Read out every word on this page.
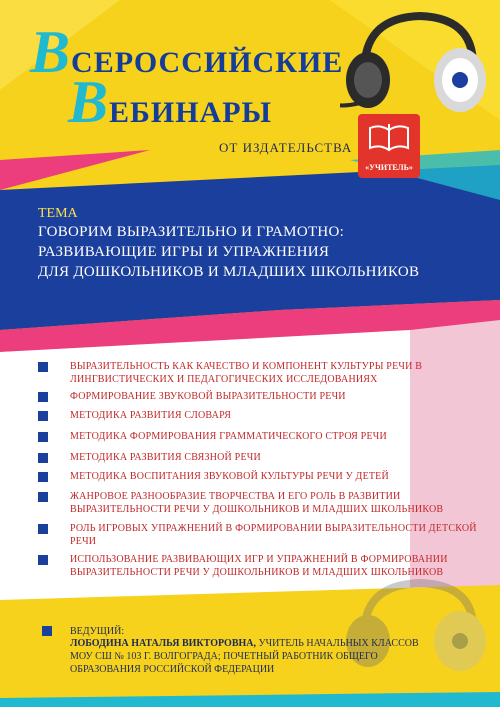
ВСЕРОССИЙСКИЕ
ВЕБИНАРЫ
ОТ ИЗДАТЕЛЬСТВА
«УЧИТЕЛЬ»
ТЕМА
ГОВОРИМ ВЫРАЗИТЕЛЬНО И ГРАМОТНО:
РАЗВИВАЮЩИЕ ИГРЫ И УПРАЖНЕНИЯ
ДЛЯ ДОШКОЛЬНИКОВ И МЛАДШИХ ШКОЛЬНИКОВ
ВЫРАЗИТЕЛЬНОСТЬ КАК КАЧЕСТВО И КОМПОНЕНТ КУЛЬТУРЫ РЕЧИ В ЛИНГВИСТИЧЕСКИХ И ПЕДАГОГИЧЕСКИХ ИССЛЕДОВАНИЯХ
ФОРМИРОВАНИЕ ЗВУКОВОЙ ВЫРАЗИТЕЛЬНОСТИ РЕЧИ
МЕТОДИКА РАЗВИТИЯ СЛОВАРЯ
МЕТОДИКА ФОРМИРОВАНИЯ ГРАММАТИЧЕСКОГО СТРОЯ РЕЧИ
МЕТОДИКА РАЗВИТИЯ СВЯЗНОЙ РЕЧИ
МЕТОДИКА ВОСПИТАНИЯ ЗВУКОВОЙ КУЛЬТУРЫ РЕЧИ У ДЕТЕЙ
ЖАНРОВОЕ РАЗНООБРАЗИЕ ТВОРЧЕСТВА И ЕГО РОЛЬ В РАЗВИТИИ ВЫРАЗИТЕЛЬНОСТИ РЕЧИ У ДОШКОЛЬНИКОВ И МЛАДШИХ ШКОЛЬНИКОВ
РОЛЬ ИГРОВЫХ УПРАЖНЕНИЙ В ФОРМИРОВАНИИ ВЫРАЗИТЕЛЬНОСТИ ДЕТСКОЙ РЕЧИ
ИСПОЛЬЗОВАНИЕ РАЗВИВАЮЩИХ ИГР И УПРАЖНЕНИЙ В ФОРМИРОВАНИИ ВЫРАЗИТЕЛЬНОСТИ РЕЧИ У ДОШКОЛЬНИКОВ И МЛАДШИХ ШКОЛЬНИКОВ
ВЕДУЩИЙ:
ЛОБОДИНА НАТАЛЬЯ ВИКТОРОВНА, УЧИТЕЛЬ НАЧАЛЬНЫХ КЛАССОВ
МОУ СШ № 103 Г. ВОЛГОГРАДА; ПОЧЕТНЫЙ РАБОТНИК ОБЩЕГО
ОБРАЗОВАНИЯ РОССИЙСКОЙ ФЕДЕРАЦИИ
